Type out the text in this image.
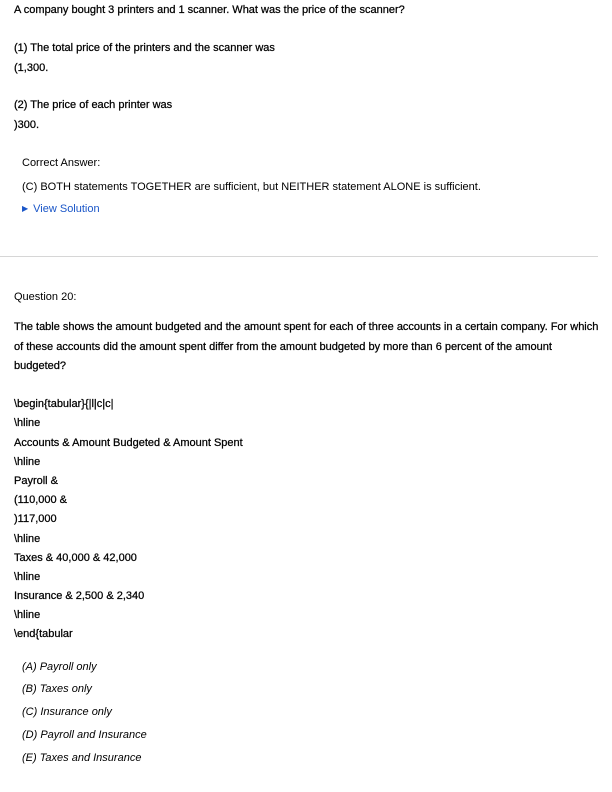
A company bought 3 printers and 1 scanner. What was the price of the scanner?
(1) The total price of the printers and the scanner was
(1,300.
(2) The price of each printer was
)300.
Correct Answer:
(C) BOTH statements TOGETHER are sufficient, but NEITHER statement ALONE is sufficient.
▶ View Solution
Question 20:
The table shows the amount budgeted and the amount spent for each of three accounts in a certain company. For which of these accounts did the amount spent differ from the amount budgeted by more than 6 percent of the amount budgeted?
\begin{tabular}{|l|c|c|
\hline
Accounts & Amount Budgeted & Amount Spent
\hline
Payroll &
(110,000 &
)117,000
\hline
Taxes & 40,000 & 42,000
\hline
Insurance & 2,500 & 2,340
\hline
\end{tabular
(A) Payroll only
(B) Taxes only
(C) Insurance only
(D) Payroll and Insurance
(E) Taxes and Insurance
